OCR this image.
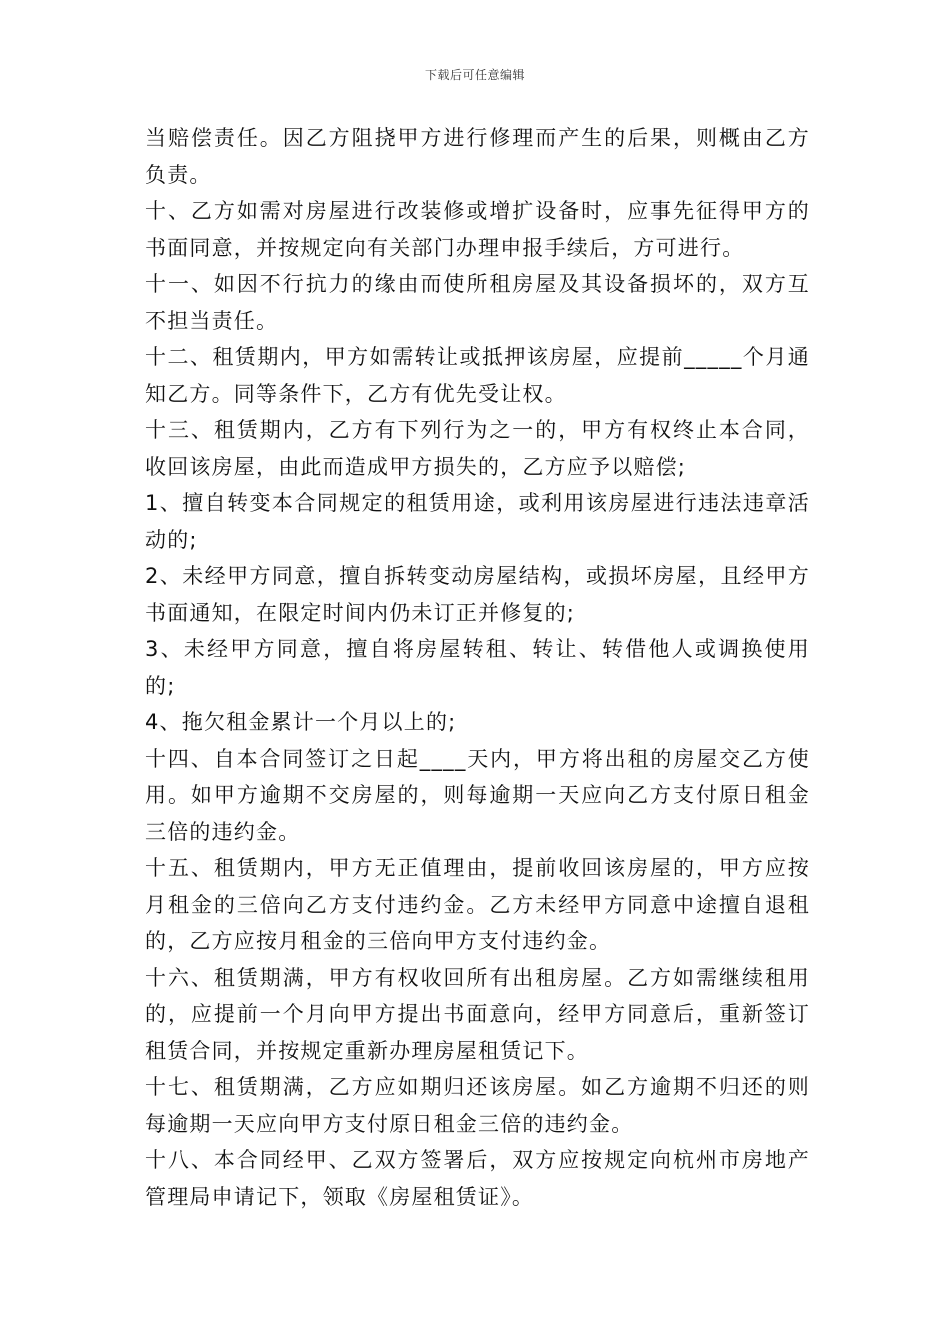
下载后可任意编辑

当赔偿责任。因乙方阻挠甲方进行修理而产生的后果，则概由乙方负责。

十、乙方如需对房屋进行改装修或增扩设备时，应事先征得甲方的书面同意，并按规定向有关部门办理申报手续后，方可进行。

十一、如因不行抗力的缘由而使所租房屋及其设备损坏的，双方互不担当责任。

十二、租赁期内，甲方如需转让或抵押该房屋，应提前_____个月通知乙方。同等条件下，乙方有优先受让权。

十三、租赁期内，乙方有下列行为之一的，甲方有权终止本合同，收回该房屋，由此而造成甲方损失的，乙方应予以赔偿;

1、擅自转变本合同规定的租赁用途，或利用该房屋进行违法违章活动的;

2、未经甲方同意，擅自拆转变动房屋结构，或损坏房屋，且经甲方书面通知，在限定时间内仍未订正并修复的;

3、未经甲方同意，擅自将房屋转租、转让、转借他人或调换使用的;

4、拖欠租金累计一个月以上的;

十四、自本合同签订之日起____天内，甲方将出租的房屋交乙方使用。如甲方逾期不交房屋的，则每逾期一天应向乙方支付原日租金三倍的违约金。

十五、租赁期内，甲方无正值理由，提前收回该房屋的，甲方应按月租金的三倍向乙方支付违约金。乙方未经甲方同意中途擅自退租的，乙方应按月租金的三倍向甲方支付违约金。

十六、租赁期满，甲方有权收回所有出租房屋。乙方如需继续租用的，应提前一个月向甲方提出书面意向，经甲方同意后，重新签订租赁合同，并按规定重新办理房屋租赁记下。

十七、租赁期满，乙方应如期归还该房屋。如乙方逾期不归还的则每逾期一天应向甲方支付原日租金三倍的违约金。

十八、本合同经甲、乙双方签署后，双方应按规定向杭州市房地产管理局申请记下，领取《房屋租赁证》。
